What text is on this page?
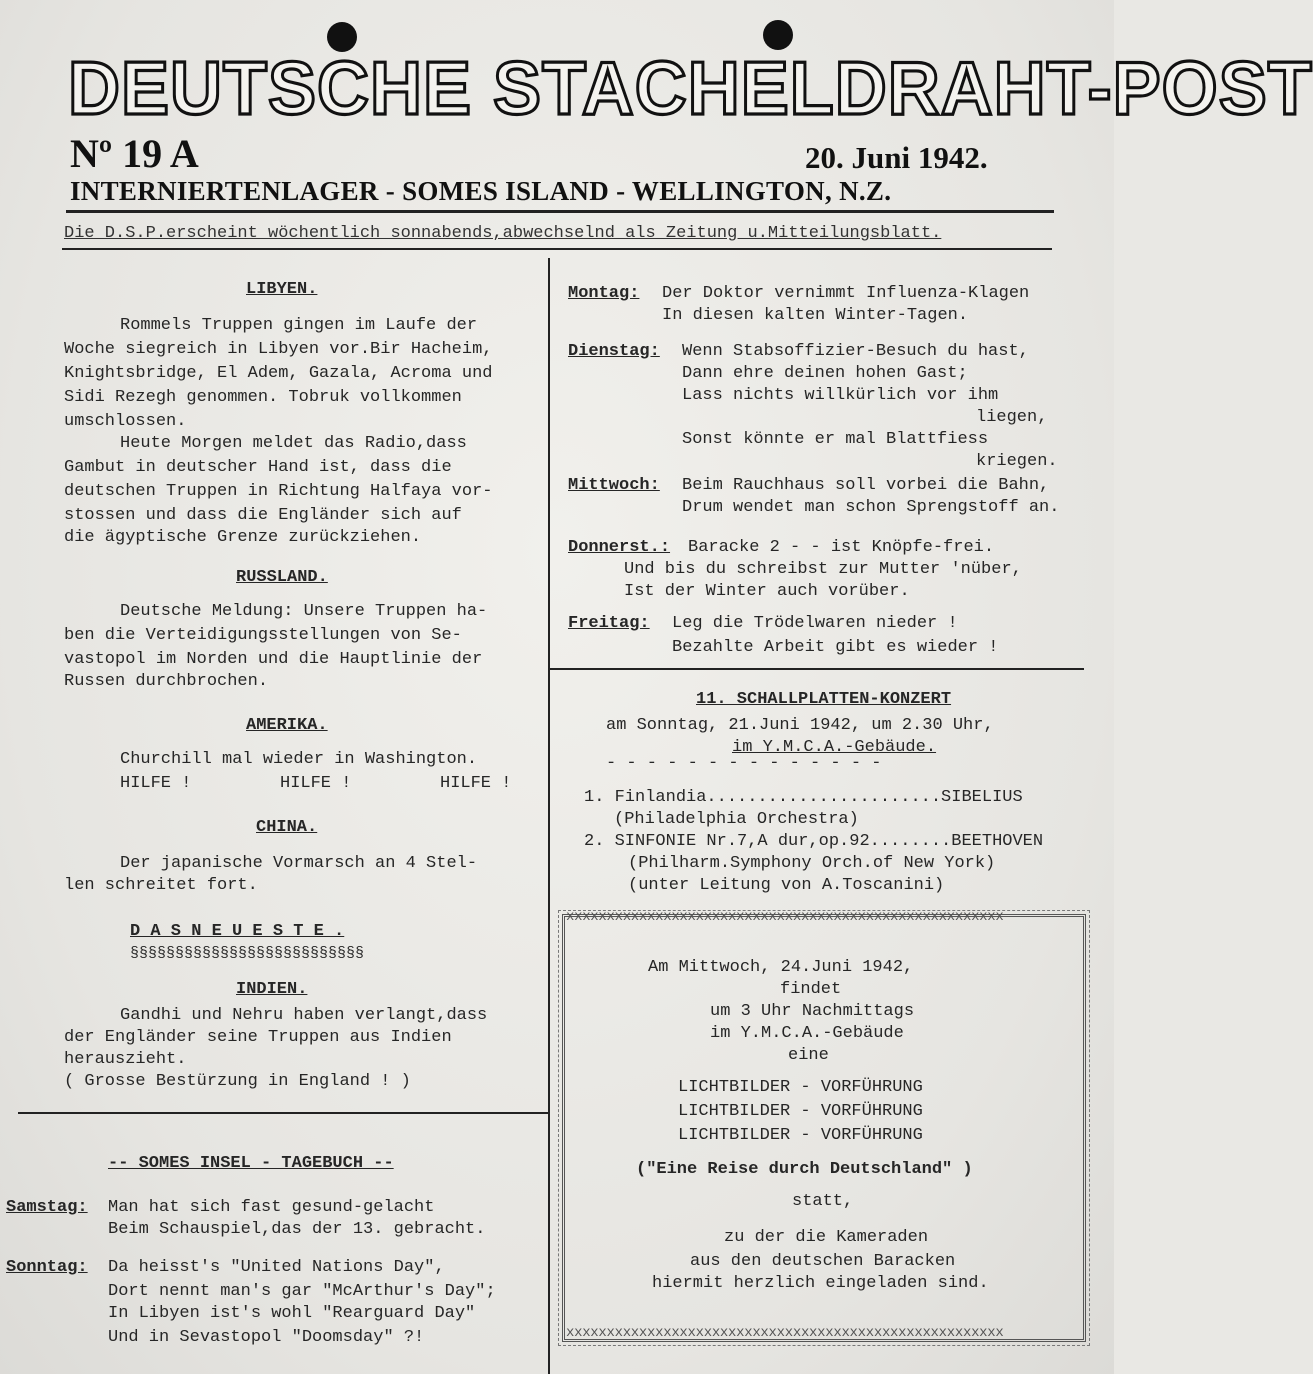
DEUTSCHE STACHELDRAHT-POST
Nº 19 A	20. Juni 1942.
INTERNIERTENLAGER - SOMES ISLAND - WELLINGTON, N.Z.
Die D.S.P.erscheint wöchentlich sonnabends,abwechselnd als Zeitung u.Mitteilungsblatt.
LIBYEN.
Rommels Truppen gingen im Laufe der
Woche siegreich in Libyen vor.Bir Hacheim,
Knightsbridge, El Adem, Gazala, Acroma und
Sidi Rezegh genommen. Tobruk vollkommen
umschlossen.
Heute Morgen meldet das Radio,dass
Gambut in deutscher Hand ist, dass die
deutschen Truppen in Richtung Halfaya vor-
stossen und dass die Engländer sich auf
die ägyptische Grenze zurückziehen.
RUSSLAND.
Deutsche Meldung: Unsere Truppen ha-
ben die Verteidigungsstellungen von Se-
vastopol im Norden und die Hauptlinie der
Russen durchbrochen.
AMERIKA.
Churchill mal wieder in Washington.
HILFE !	HILFE !	HILFE !
CHINA.
Der japanische Vormarsch an 4 Stel-
len schreitet fort.
D A S N E U E S T E .
§§§§§§§§§§§§§§§§§§§§§§§§§§
INDIEN.
Gandhi und Nehru haben verlangt,dass
der Engländer seine Truppen aus Indien
herauszieht.
( Grosse Bestürzung in England ! )
-- SOMES INSEL - TAGEBUCH --
Samstag: Man hat sich fast gesund-gelacht
Beim Schauspiel,das der 13. gebracht.
Sonntag: Da heisst's "United Nations Day",
Dort nennt man's gar "McArthur's Day";
In Libyen ist's wohl "Rearguard Day"
Und in Sevastopol "Doomsday" ?!
Montag: Der Doktor vernimmt Influenza-Klagen
In diesen kalten Winter-Tagen.
Dienstag: Wenn Stabsoffizier-Besuch du hast,
Dann ehre deinen hohen Gast;
Lass nichts willkürlich vor ihm
liegen,
Sonst könnte er mal Blattfiess
kriegen.
Mittwoch: Beim Rauchhaus soll vorbei die Bahn,
Drum wendet man schon Sprengstoff an.
Donnerst.: Baracke 2 - - ist Knöpfe-frei.
Und bis du schreibst zur Mutter 'nüber,
Ist der Winter auch vorüber.
Freitag: Leg die Trödelwaren nieder !
Bezahlte Arbeit gibt es wieder !
11. SCHALLPLATTEN-KONZERT
am Sonntag, 21.Juni 1942, um 2.30 Uhr,
im Y.M.C.A.-Gebäude.
- - - - - - - - - - - - - -
1. Finlandia.......................SIBELIUS
(Philadelphia Orchestra)
2. SINFONIE Nr.7,A dur,op.92........BEETHOVEN
(Philharm.Symphony Orch.of New York)
(unter Leitung von A.Toscanini)
xxxxxxxxxxxxxxxxxxxxxxxxxxxxxxxxxxxxxxxxxxxxxxxxxxxxxx
xxxxxxxxxxxxxxxxxxxxxxxxxxxxxxxxxxxxxxxxxxxxxxxxxxxxxx
Am Mittwoch, 24.Juni 1942,
findet
um 3 Uhr Nachmittags
im Y.M.C.A.-Gebäude
eine
LICHTBILDER - VORFÜHRUNG
LICHTBILDER - VORFÜHRUNG
LICHTBILDER - VORFÜHRUNG
("Eine Reise durch Deutschland" )
statt,
zu der die Kameraden
aus den deutschen Baracken
hiermit herzlich eingeladen sind.
